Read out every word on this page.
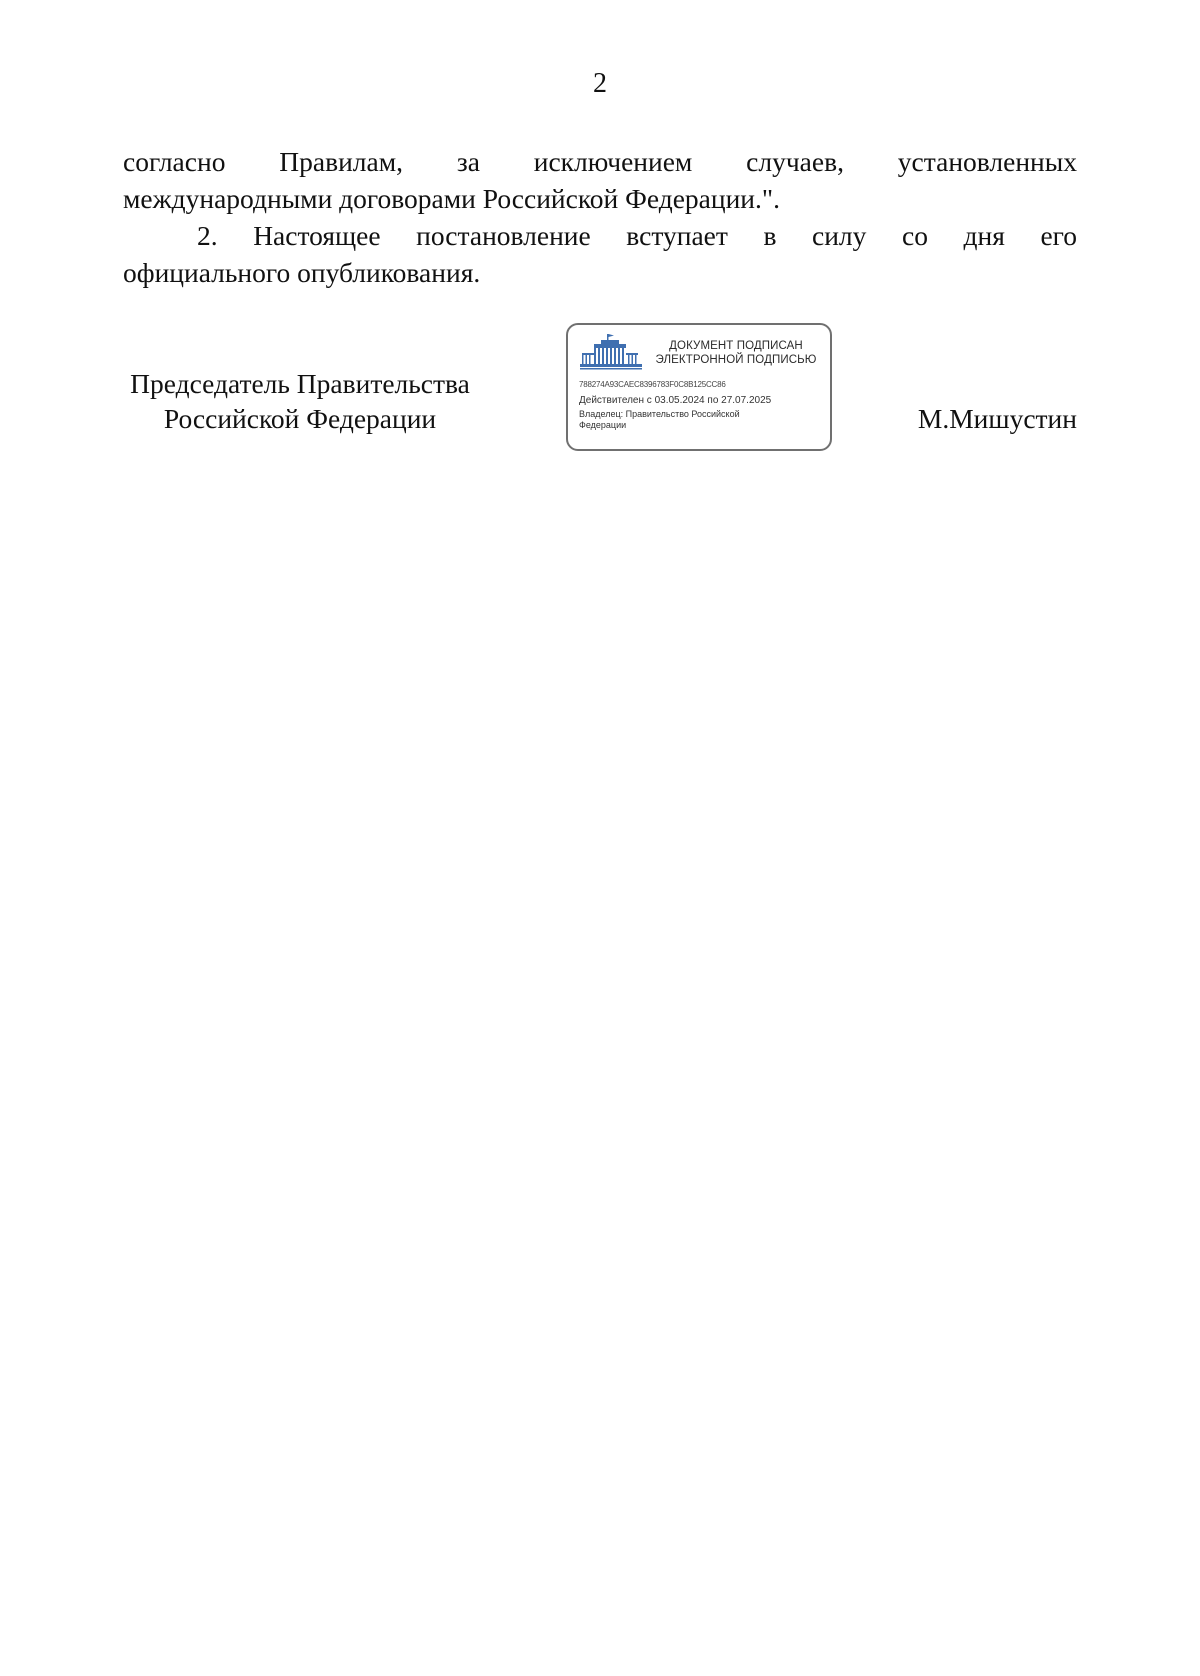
2

согласно Правилам, за исключением случаев, установленных

международными договорами Российской Федерации.".

2. Настоящее постановление вступает в силу со дня его

официального опубликования.

Председатель Правительства
Российской Федерации
ДОКУМЕНТ ПОДПИСАН
ЭЛЕКТРОННОЙ ПОДПИСЬЮ
788274A93CAEC8396783F0C8B125CC86
Действителен с 03.05.2024 по 27.07.2025
Владелец: Правительство Российской Федерации	М.Мишустин
